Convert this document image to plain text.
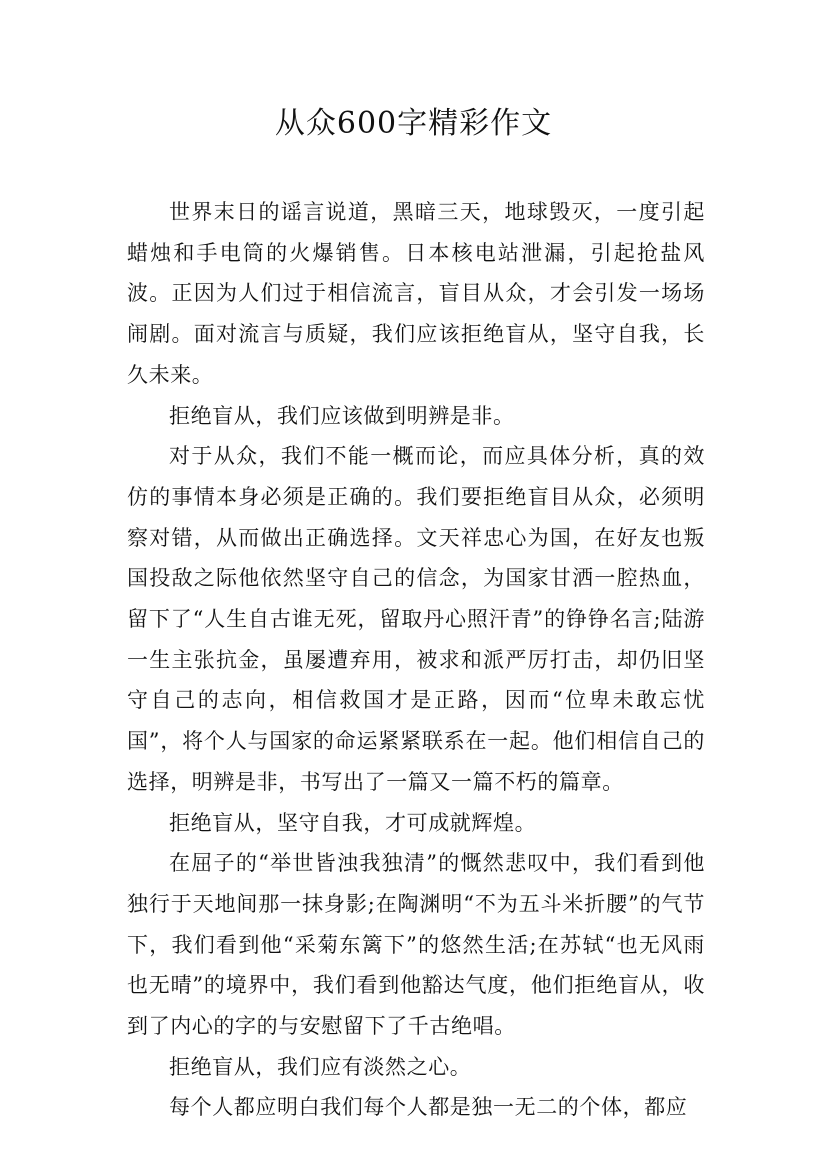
从众600字精彩作文

世界末日的谣言说道，黑暗三天，地球毁灭，一度引起蜡烛和手电筒的火爆销售。日本核电站泄漏，引起抢盐风波。正因为人们过于相信流言，盲目从众，才会引发一场场闹剧。面对流言与质疑，我们应该拒绝盲从，坚守自我，长久未来。

拒绝盲从，我们应该做到明辨是非。

对于从众，我们不能一概而论，而应具体分析，真的效仿的事情本身必须是正确的。我们要拒绝盲目从众，必须明察对错，从而做出正确选择。文天祥忠心为国，在好友也叛国投敌之际他依然坚守自己的信念，为国家甘洒一腔热血，留下了“人生自古谁无死，留取丹心照汗青”的铮铮名言;陆游一生主张抗金，虽屡遭弃用，被求和派严厉打击，却仍旧坚守自己的志向，相信救国才是正路，因而“位卑未敢忘忧国”，将个人与国家的命运紧紧联系在一起。他们相信自己的选择，明辨是非，书写出了一篇又一篇不朽的篇章。

拒绝盲从，坚守自我，才可成就辉煌。

在屈子的“举世皆浊我独清”的慨然悲叹中，我们看到他独行于天地间那一抹身影;在陶渊明“不为五斗米折腰”的气节下，我们看到他“采菊东篱下”的悠然生活;在苏轼“也无风雨也无晴”的境界中，我们看到他豁达气度，他们拒绝盲从，收到了内心的字的与安慰留下了千古绝唱。

拒绝盲从，我们应有淡然之心。

每个人都应明白我们每个人都是独一无二的个体，都应
